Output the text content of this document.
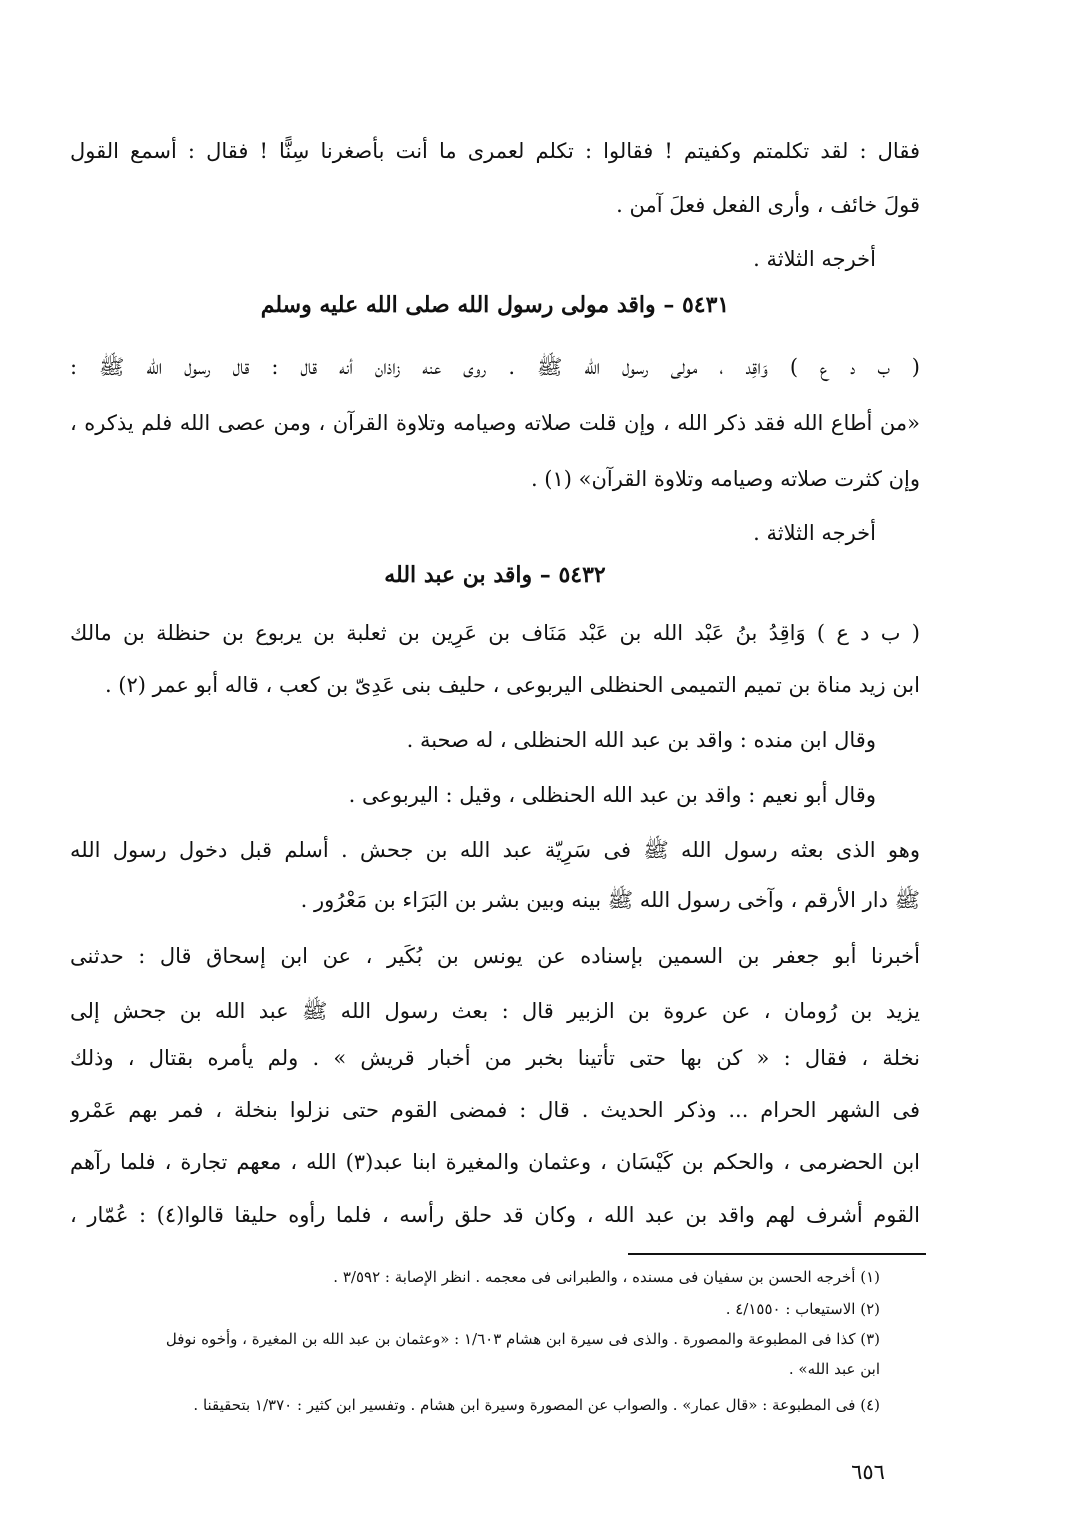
فقال : لقد تكلمتم وكفيتم ! فقالوا : تكلم لعمرى ما أنت بأصغرنا سِنًّا ! فقال : أسمع القول
قولَ خائف ، وأرى الفعل فعلَ آمن .
أخرجه الثلاثة .
٥٤٣١ – واقد مولى رسول الله صلى الله عليه وسلم
( ب د ع ) وَاقِد ، مولى رسول الله ﷺ . روى عنه زاذان أنه قال : قال رسول الله ﷺ :
«من أطاع الله فقد ذكر الله ، وإن قلت صلاته وصيامه وتلاوة القرآن ، ومن عصى الله فلم يذكره ،
وإن كثرت صلاته وصيامه وتلاوة القرآن» (١) .
أخرجه الثلاثة .
٥٤٣٢ – واقد بن عبد الله
( ب د ع ) وَاقِدُ بنُ عَبْد الله بن عَبْد مَنَاف بن عَرِين بن ثعلبة بن يربوع بن حنظلة بن مالك
ابن زيد مناة بن تميم التميمى الحنظلى اليربوعى ، حليف بنى عَدِىّ بن كعب ، قاله أبو عمر (٢) .
وقال ابن منده : واقد بن عبد الله الحنظلى ، له صحبة .
وقال أبو نعيم : واقد بن عبد الله الحنظلى ، وقيل : اليربوعى .
وهو الذى بعثه رسول الله ﷺ فى سَرِيّة عبد الله بن جحش . أسلم قبل دخول رسول الله
ﷺ دار الأرقم ، وآخى رسول الله ﷺ بينه وبين بشر بن البَرَاء بن مَعْرُور .
أخبرنا أبو جعفر بن السمين بإسناده عن يونس بن بُكَير ، عن ابن إسحاق قال : حدثنى
يزيد بن رُومان ، عن عروة بن الزبير قال : بعث رسول الله ﷺ عبد الله بن جحش إلى
نخلة ، فقال : « كن بها حتى تأتينا بخبر من أخبار قريش » . ولم يأمره بقتال ، وذلك
فى الشهر الحرام ... وذكر الحديث . قال : فمضى القوم حتى نزلوا بنخلة ، فمر بهم عَمْرو
ابن الحضرمى ، والحكم بن كَيْسَان ، وعثمان والمغيرة ابنا عبد(٣) الله ، معهم تجارة ، فلما رآهم
القوم أشرف لهم واقد بن عبد الله ، وكان قد حلق رأسه ، فلما رأوه حليقا قالوا(٤) : عُمّار ،
(١) أخرجه الحسن بن سفيان فى مسنده ، والطبرانى فى معجمه . انظر الإصابة : ٣/٥٩٢ .
(٢) الاستيعاب : ٤/١٥٥٠ .
(٣) كذا فى المطبوعة والمصورة . والذى فى سيرة ابن هشام ١/٦٠٣ : «وعثمان بن عبد الله بن المغيرة ، وأخوه نوفل
ابن عبد الله» .
(٤) فى المطبوعة : «قال عمار» . والصواب عن المصورة وسيرة ابن هشام . وتفسير ابن كثير : ١/٣٧٠ بتحقيقنا .
٦٥٦
